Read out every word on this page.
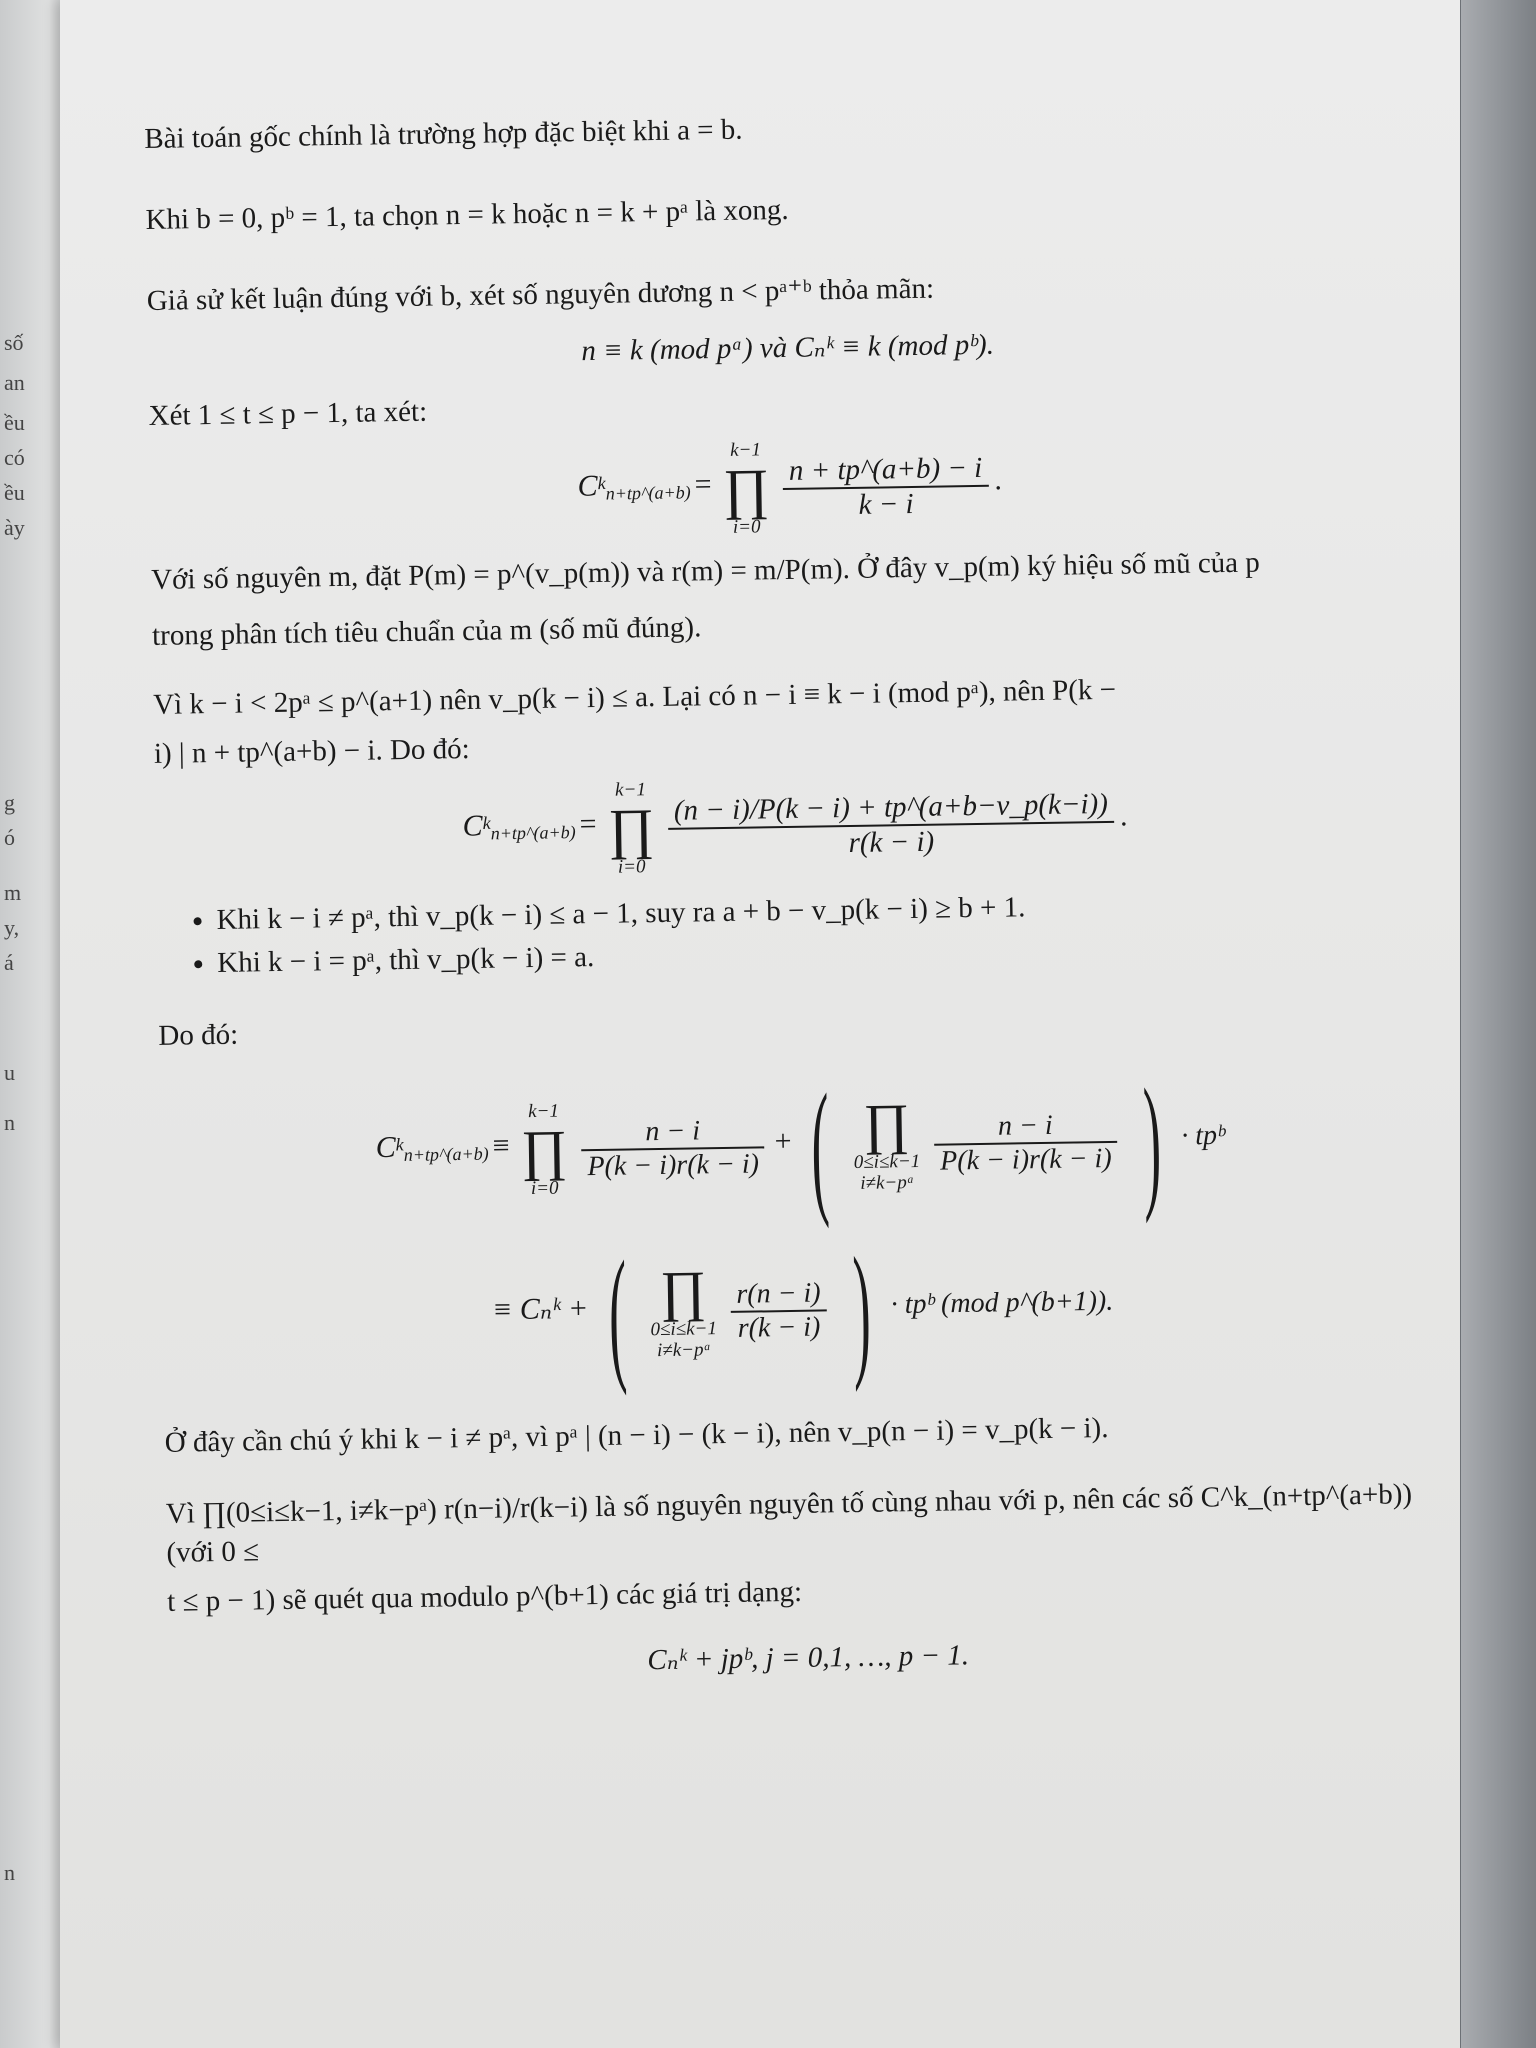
số
an
ều
có
ều
ày
g
ó
m
y,
á
u
n
n

Bài toán gốc chính là trường hợp đặc biệt khi a = b.

Khi b = 0, pᵇ = 1, ta chọn n = k hoặc n = k + pᵃ là xong.

Giả sử kết luận đúng với b, xét số nguyên dương n < pᵃ⁺ᵇ thỏa mãn:

n ≡ k (mod pᵃ) và Cₙᵏ ≡ k (mod pᵇ).

Xét 1 ≤ t ≤ p − 1, ta xét:

$C^k_{n+tp\^{}(a+b)}$ =
k−1
∏
i=0

$\frac{n + tp\^{}(a+b) - i}{k - i}$ .

Với số nguyên m, đặt P(m) = p^(v_p(m)) và r(m) = m/P(m). Ở đây v_p(m) ký hiệu số mũ của p

trong phân tích tiêu chuẩn của m (số mũ đúng).

Vì k − i < 2pᵃ ≤ p^(a+1) nên v_p(k − i) ≤ a. Lại có n − i ≡ k − i (mod pᵃ), nên P(k −

i) | n + tp^(a+b) − i. Do đó:

$C^k_{n+tp\^{}(a+b)}$ =
k−1
∏
i=0

$\frac{(n - i)/P(k - i) + tp\^{}(a+b-v\_p(k-i))}{r(k - i)}$ .
• Khi k − i ≠ pᵃ, thì v_p(k − i) ≤ a − 1, suy ra a + b − v_p(k − i) ≥ b + 1.
• Khi k − i = pᵃ, thì v_p(k − i) = a.

Do đó:

$C^k_{n+tp\^{}(a+b)}$ ≡
k−1
∏
i=0

$\frac{n - i}{P(k - i)r(k - i)}$ + ( ∏
0≤i≤k−1
i≠k−pᵃ

$\frac{n - i}{P(k - i)r(k - i)}$ ) · tpᵇ
≡ Cₙᵏ + ( ∏
0≤i≤k−1
i≠k−pᵃ

$\frac{r(n - i)}{r(k - i)}$ ) · tpᵇ (mod p^(b+1)).

Ở đây cần chú ý khi k − i ≠ pᵃ, vì pᵃ | (n − i) − (k − i), nên v_p(n − i) = v_p(k − i).

Vì ∏(0≤i≤k−1, i≠k−pᵃ) r(n−i)/r(k−i) là số nguyên nguyên tố cùng nhau với p, nên các số C^k_(n+tp^(a+b)) (với 0 ≤

t ≤ p − 1) sẽ quét qua modulo p^(b+1) các giá trị dạng:

Cₙᵏ + jpᵇ, j = 0,1, …, p − 1.
